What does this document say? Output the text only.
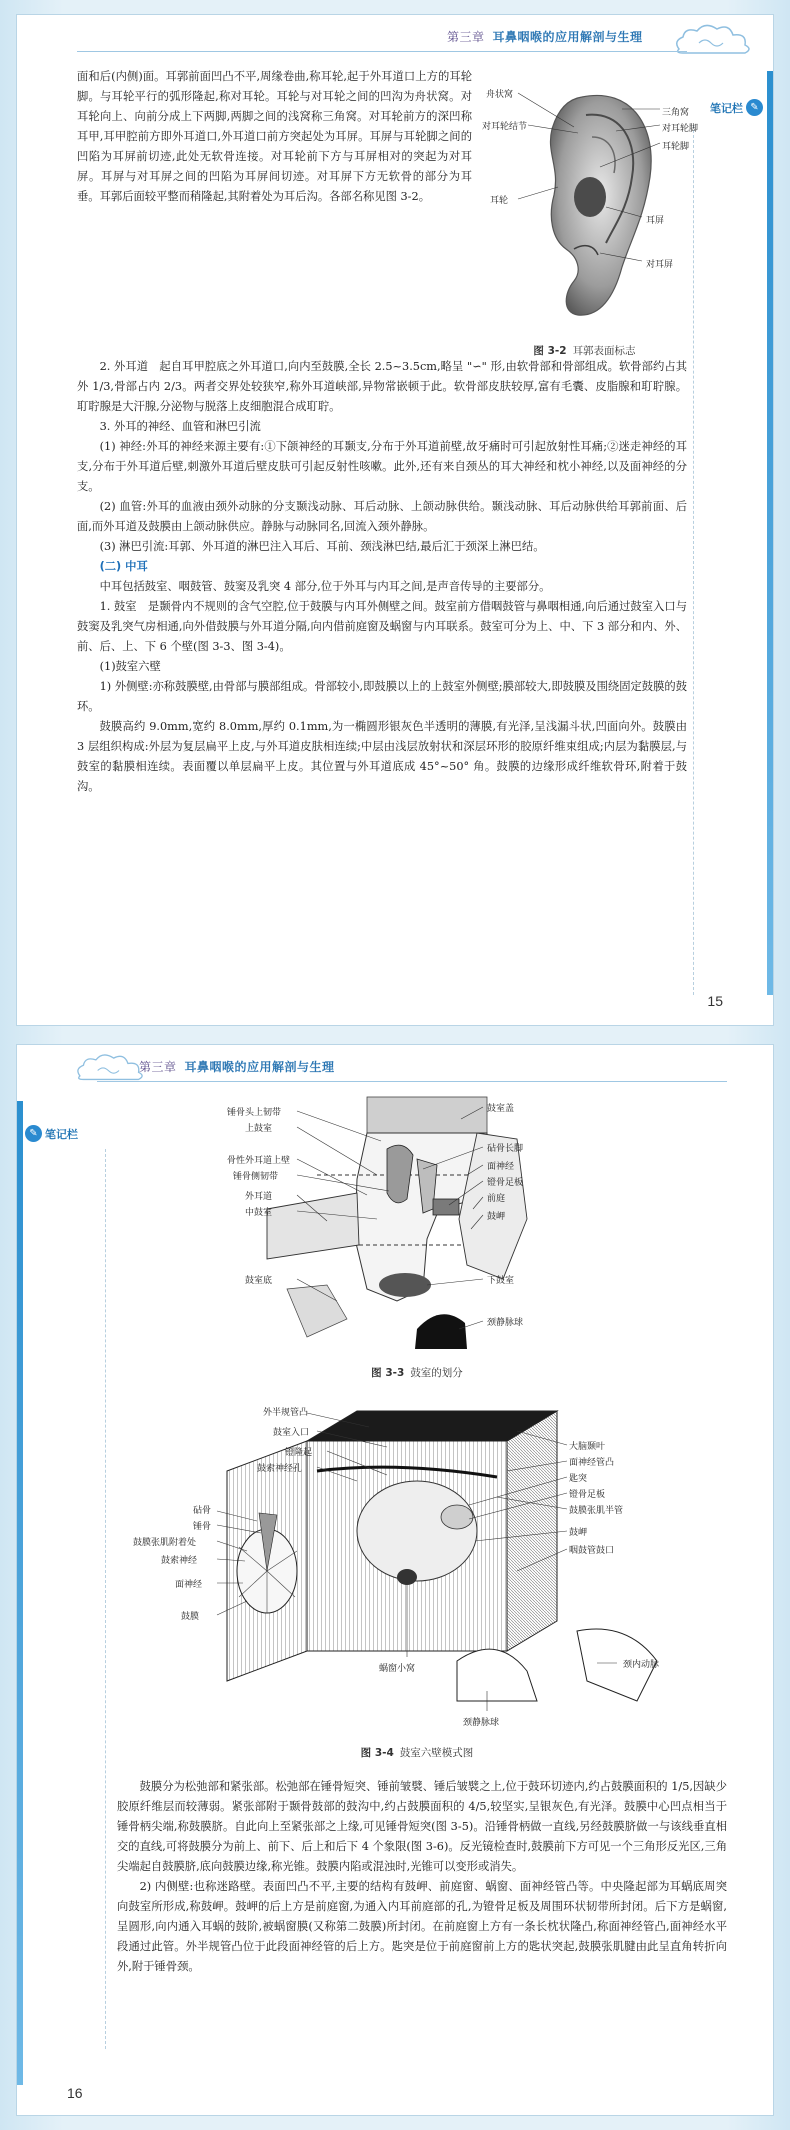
第三章 耳鼻咽喉的应用解剖与生理
笔记栏 ✎

面和后(内侧)面。耳郭前面凹凸不平,周缘卷曲,称耳轮,起于外耳道口上方的耳轮脚。与耳轮平行的弧形隆起,称对耳轮。耳轮与对耳轮之间的凹沟为舟状窝。对耳轮向上、向前分成上下两脚,两脚之间的浅窝称三角窝。对耳轮前方的深凹称耳甲,耳甲腔前方即外耳道口,外耳道口前方突起处为耳屏。耳屏与耳轮脚之间的凹陷为耳屏前切迹,此处无软骨连接。对耳轮前下方与耳屏相对的突起为对耳屏。耳屏与对耳屏之间的凹陷为耳屏间切迹。对耳屏下方无软骨的部分为耳垂。耳郭后面较平整而稍隆起,其附着处为耳后沟。各部名称见图 3-2。

舟状窝
对耳轮结节
耳轮
三角窝
对耳轮脚
耳轮脚
耳屏
对耳屏
图 3-2 耳郭表面标志

2. 外耳道　起自耳甲腔底之外耳道口,向内至鼓膜,全长 2.5~3.5cm,略呈 "∽" 形,由软骨部和骨部组成。软骨部约占其外 1/3,骨部占内 2/3。两者交界处较狭窄,称外耳道峡部,异物常嵌顿于此。软骨部皮肤较厚,富有毛囊、皮脂腺和耵聍腺。耵聍腺是大汗腺,分泌物与脱落上皮细胞混合成耵聍。

3. 外耳的神经、血管和淋巴引流

(1) 神经:外耳的神经来源主要有:①下颌神经的耳颞支,分布于外耳道前壁,故牙痛时可引起放射性耳痛;②迷走神经的耳支,分布于外耳道后壁,刺激外耳道后壁皮肤可引起反射性咳嗽。此外,还有来自颈丛的耳大神经和枕小神经,以及面神经的分支。

(2) 血管:外耳的血液由颈外动脉的分支颞浅动脉、耳后动脉、上颌动脉供给。颞浅动脉、耳后动脉供给耳郭前面、后面,而外耳道及鼓膜由上颌动脉供应。静脉与动脉同名,回流入颈外静脉。

(3) 淋巴引流:耳郭、外耳道的淋巴注入耳后、耳前、颈浅淋巴结,最后汇于颈深上淋巴结。

(二) 中耳

中耳包括鼓室、咽鼓管、鼓窦及乳突 4 部分,位于外耳与内耳之间,是声音传导的主要部分。

1. 鼓室　是颞骨内不规则的含气空腔,位于鼓膜与内耳外侧壁之间。鼓室前方借咽鼓管与鼻咽相通,向后通过鼓室入口与鼓窦及乳突气房相通,向外借鼓膜与外耳道分隔,向内借前庭窗及蜗窗与内耳联系。鼓室可分为上、中、下 3 部分和内、外、前、后、上、下 6 个壁(图 3-3、图 3-4)。

(1)鼓室六壁

1) 外侧壁:亦称鼓膜壁,由骨部与膜部组成。骨部较小,即鼓膜以上的上鼓室外侧壁;膜部较大,即鼓膜及围绕固定鼓膜的鼓环。

鼓膜高约 9.0mm,宽约 8.0mm,厚约 0.1mm,为一椭圆形银灰色半透明的薄膜,有光泽,呈浅漏斗状,凹面向外。鼓膜由 3 层组织构成:外层为复层扁平上皮,与外耳道皮肤相连续;中层由浅层放射状和深层环形的胶原纤维束组成;内层为黏膜层,与鼓室的黏膜相连续。表面覆以单层扁平上皮。其位置与外耳道底成 45°~50° 角。鼓膜的边缘形成纤维软骨环,附着于鼓沟。

15
第三章 耳鼻咽喉的应用解剖与生理
✎ 笔记栏
锤骨头上韧带
上鼓室
骨性外耳道上壁
锤骨侧韧带
外耳道
中鼓室
鼓室底
鼓室盖
砧骨长脚
面神经
镫骨足板
前庭
鼓岬
下鼓室
颈静脉球
图 3-3 鼓室的划分
外半规管凸
鼓室入口
镫隆起
鼓索神经孔
砧骨
锤骨
鼓膜张肌附着处
鼓索神经
面神经
鼓膜
蜗窗小窝
颈静脉球
大脑颞叶
面神经管凸
匙突
镫骨足板
鼓膜张肌半管
鼓岬
咽鼓管鼓口
颈内动脉
图 3-4 鼓室六壁模式图

鼓膜分为松弛部和紧张部。松弛部在锤骨短突、锤前皱襞、锤后皱襞之上,位于鼓环切迹内,约占鼓膜面积的 1/5,因缺少胶原纤维层而较薄弱。紧张部附于颞骨鼓部的鼓沟中,约占鼓膜面积的 4/5,较坚实,呈银灰色,有光泽。鼓膜中心凹点相当于锤骨柄尖端,称鼓膜脐。自此向上至紧张部之上缘,可见锤骨短突(图 3-5)。沿锤骨柄做一直线,另经鼓膜脐做一与该线垂直相交的直线,可将鼓膜分为前上、前下、后上和后下 4 个象限(图 3-6)。反光镜检查时,鼓膜前下方可见一个三角形反光区,三角尖端起自鼓膜脐,底向鼓膜边缘,称光锥。鼓膜内陷或混浊时,光锥可以变形或消失。

2) 内侧壁:也称迷路壁。表面凹凸不平,主要的结构有鼓岬、前庭窗、蜗窗、面神经管凸等。中央隆起部为耳蜗底周突向鼓室所形成,称鼓岬。鼓岬的后上方是前庭窗,为通入内耳前庭部的孔,为镫骨足板及周围环状韧带所封闭。后下方是蜗窗,呈圆形,向内通入耳蜗的鼓阶,被蜗窗膜(又称第二鼓膜)所封闭。在前庭窗上方有一条长枕状隆凸,称面神经管凸,面神经水平段通过此管。外半规管凸位于此段面神经管的后上方。匙突是位于前庭窗前上方的匙状突起,鼓膜张肌腱由此呈直角转折向外,附于锤骨颈。

16
